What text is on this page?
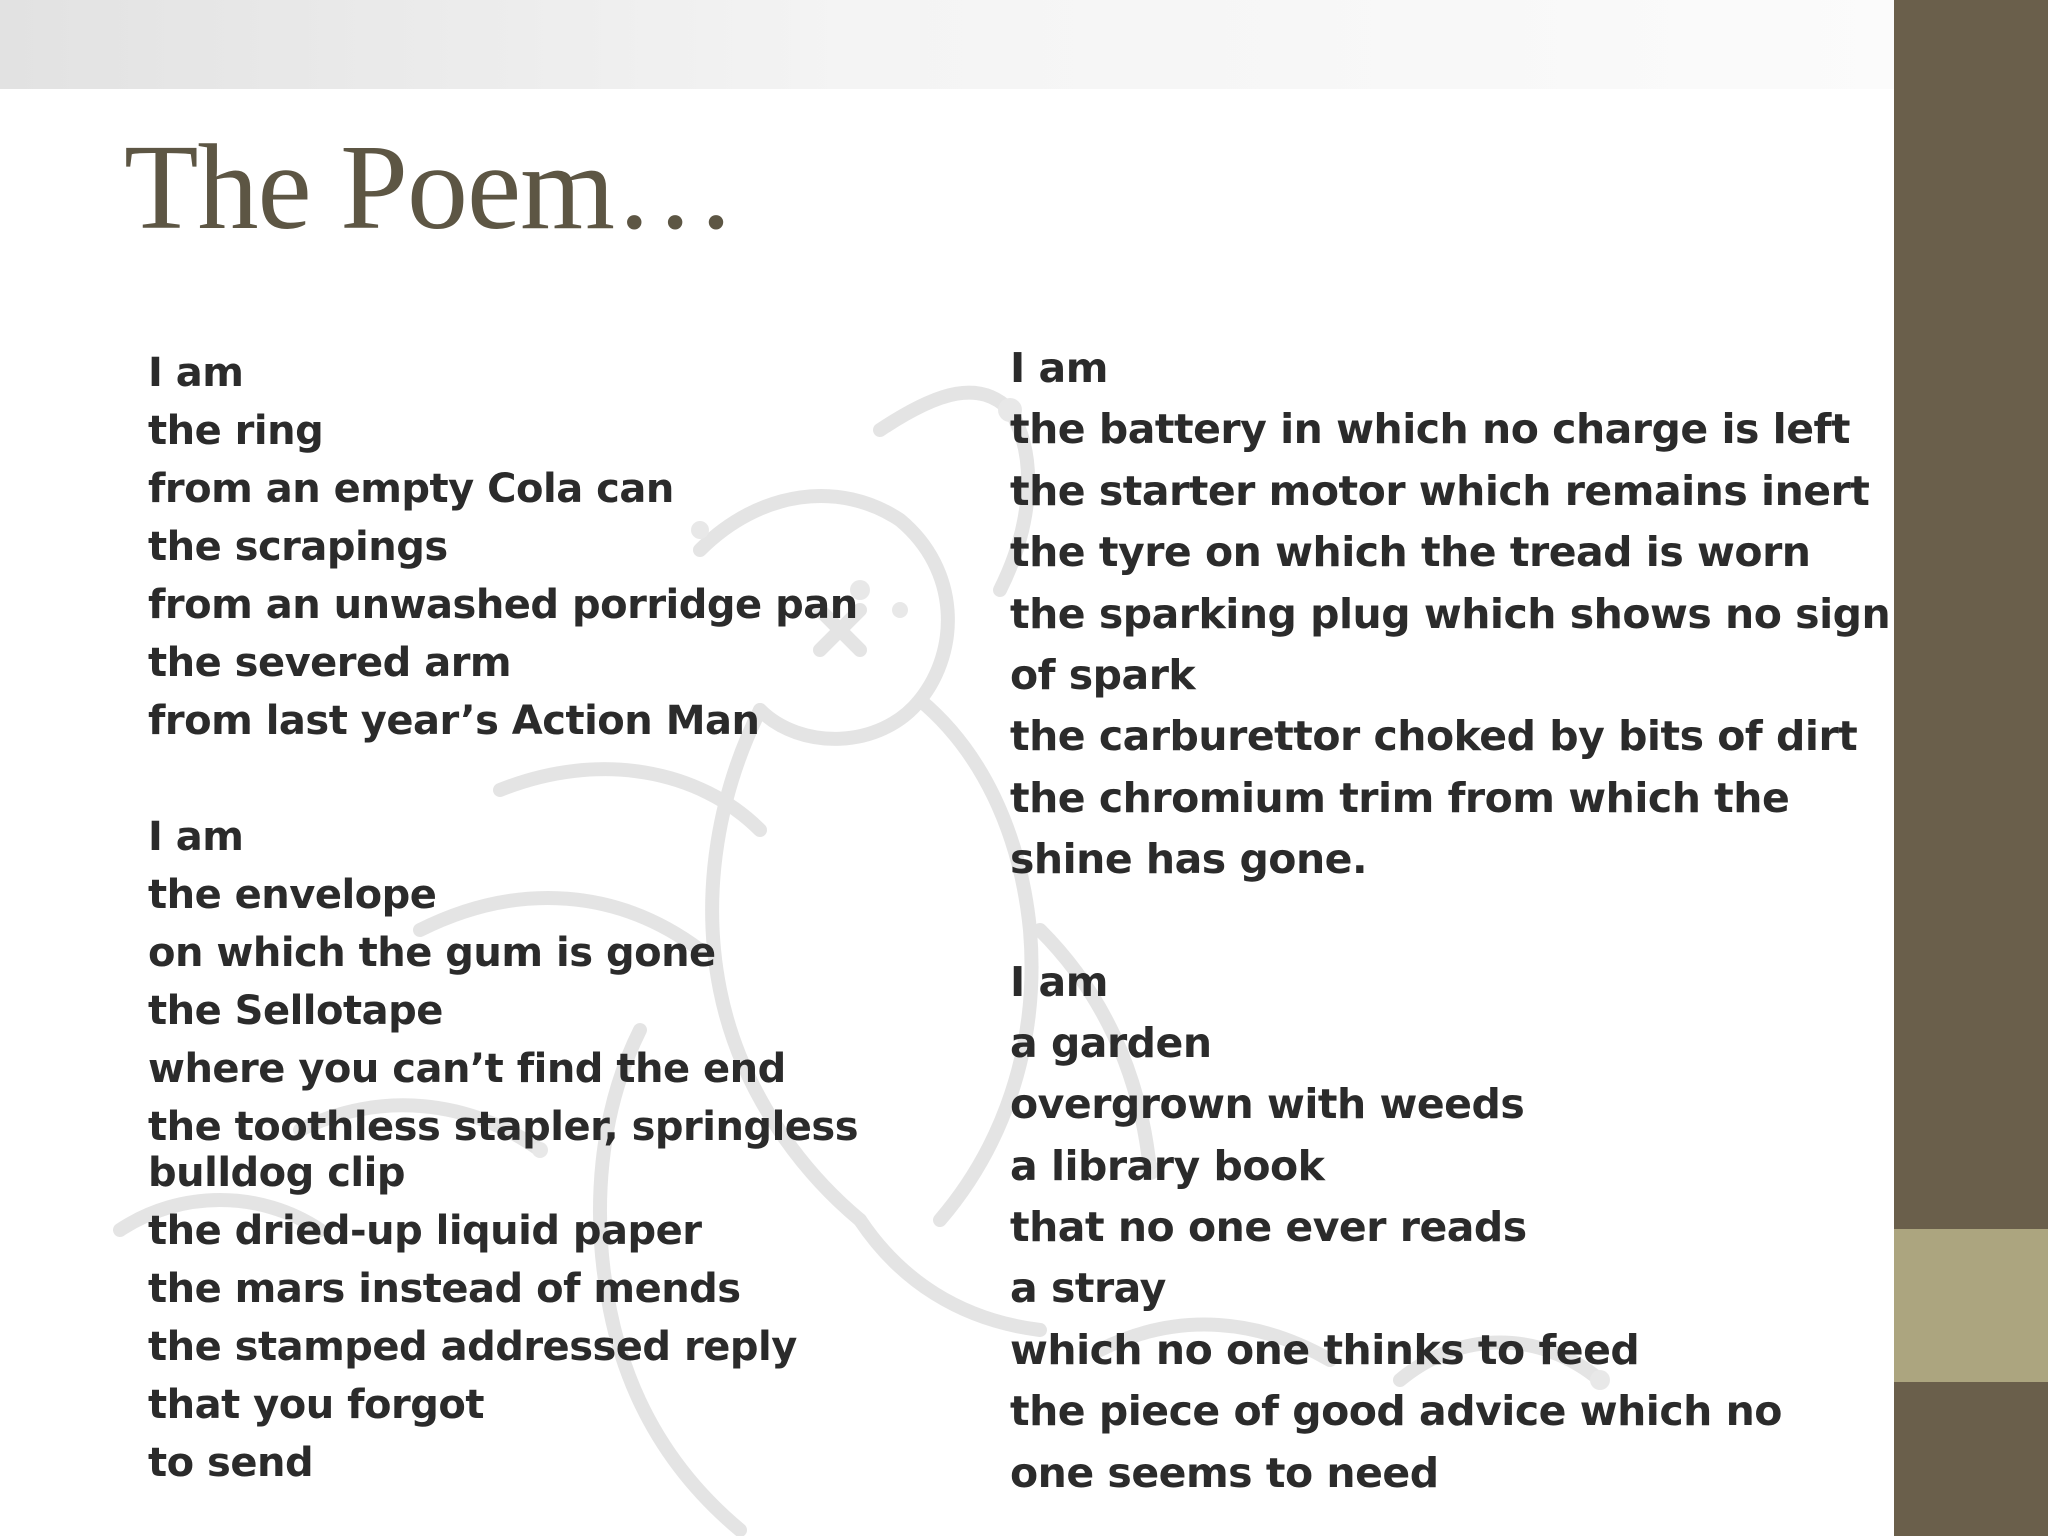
The Poem…
I am
the ring
from an empty Cola can
the scrapings
from an unwashed porridge pan
the severed arm
from last year’s Action Man
I am
the envelope
on which the gum is gone
the Sellotape
where you can’t find the end
the toothless stapler, springless bulldog clip
the dried-up liquid paper
the mars instead of mends
the stamped addressed reply
that you forgot
to send
I am
the battery in which no charge is left
the starter motor which remains inert
the tyre on which the tread is worn
the sparking plug which shows no sign
of spark
the carburettor choked by bits of dirt
the chromium trim from which the
shine has gone.
I am
a garden
overgrown with weeds
a library book
that no one ever reads
a stray
which no one thinks to feed
the piece of good advice which no
one seems to need
